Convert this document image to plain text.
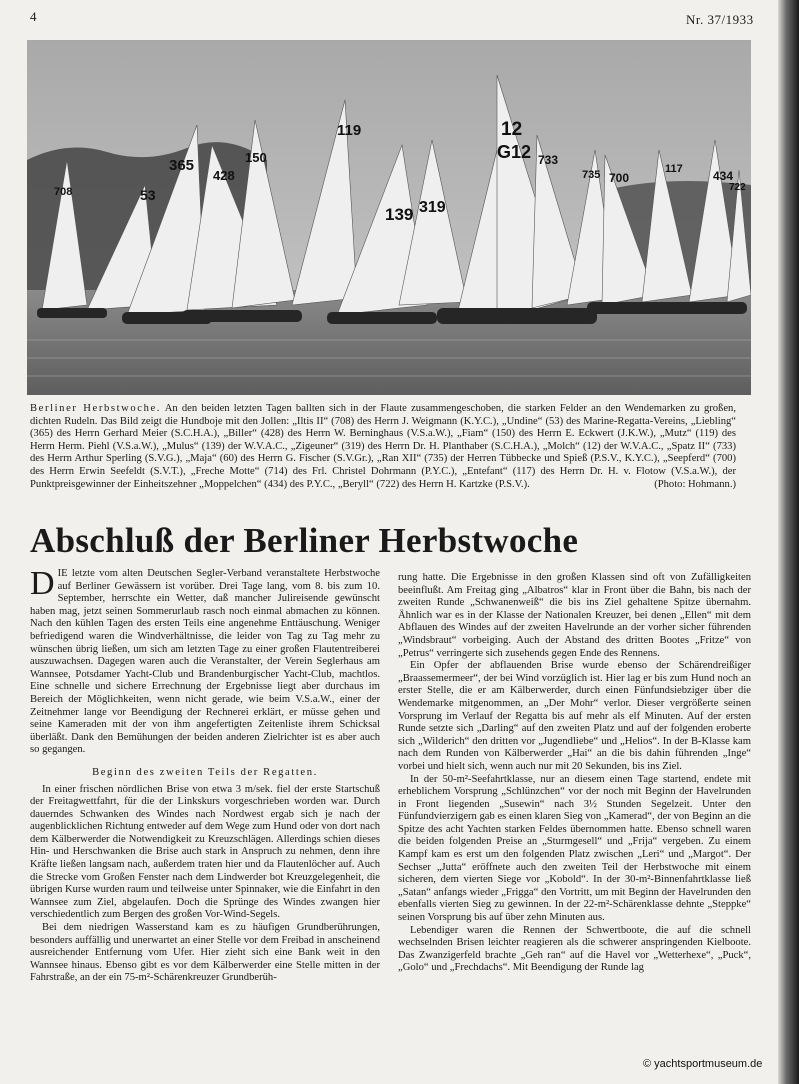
4	Nr. 37/1933
708	53
365
428
150
119
139 319
12
G12 733
735 700
117	434
722
Berliner Herbstwoche. An den beiden letzten Tagen ballten sich in der Flaute zusammengeschoben, die starken Felder an den Wendemarken zu großen, dichten Rudeln. Das Bild zeigt die Hundboje mit den Jollen: „Iltis II“ (708) des Herrn J. Weigmann (K.Y.C.), „Undine“ (53) des Marine-Regatta-Vereins, „Liebling“ (365) des Herrn Gerhard Meier (S.C.H.A.), „Biller“ (428) des Herrn W. Berninghaus (V.S.a.W.), „Fiam“ (150) des Herrn E. Eckwert (J.K.W.), „Mutz“ (119) des Herrn Herm. Piehl (V.S.a.W.), „Mulus“ (139) der W.V.A.C., „Zigeuner“ (319) des Herrn Dr. H. Planthaber (S.C.H.A.), „Molch“ (12) der W.V.A.C., „Spatz II“ (733) des Herrn Arthur Sperling (S.V.G.), „Maja“ (60) des Herrn G. Fischer (S.V.Gr.), „Ran XII“ (735) der Herren Tübbecke und Spieß (P.S.V., K.Y.C.), „Seepferd“ (700) des Herrn Erwin Seefeldt (S.V.T.), „Freche Motte“ (714) des Frl. Christel Dohrmann (P.Y.C.), „Entefant“ (117) des Herrn Dr. H. v. Flotow (V.S.a.W.), der Punktpreisgewinner der Einheitszehner „Moppelchen“ (434) des P.Y.C., „Beryll“ (722) des Herrn H. Kartzke (P.S.V.).	(Photo: Hohmann.)
Abschluß der Berliner Herbstwoche

DIE letzte vom alten Deutschen Segler-Verband veranstaltete Herbstwoche auf Berliner Gewässern ist vorüber. Drei Tage lang, vom 8. bis zum 10. September, herrschte ein Wetter, daß mancher Julireisende gewünscht haben mag, jetzt seinen Sommerurlaub rasch noch einmal abmachen zu können. Nach den kühlen Tagen des ersten Teils eine angenehme Enttäuschung. Weniger befriedigend waren die Windverhältnisse, die leider von Tag zu Tag mehr zu wünschen übrig ließen, um sich am letzten Tage zu einer großen Flautentreiberei auszuwachsen. Dagegen waren auch die Veranstalter, der Verein Seglerhaus am Wannsee, Potsdamer Yacht-Club und Brandenburgischer Yacht-Club, machtlos. Eine schnelle und sichere Errechnung der Ergebnisse liegt aber durchaus im Bereich der Möglichkeiten, wenn nicht gerade, wie beim V.S.a.W., einer der Zeitnehmer lange vor Beendigung der Rechnerei erklärt, er müsse gehen und seine Kameraden mit der von ihm angefertigten Zeitenliste ihrem Schicksal überläßt. Dank den Bemühungen der beiden anderen Zielrichter ist es aber auch so gegangen.

Beginn des zweiten Teils der Regatten.

In einer frischen nördlichen Brise von etwa 3 m/sek. fiel der erste Startschuß der Freitagwettfahrt, für die der Linkskurs vorgeschrieben worden war. Durch dauerndes Schwanken des Windes nach Nordwest ergab sich je nach der augenblicklichen Richtung entweder auf dem Wege zum Hund oder von dort nach dem Kälberwerder die Notwendigkeit zu Kreuzschlägen. Allerdings schien dieses Hin- und Herschwanken die Brise auch stark in Anspruch zu nehmen, denn ihre Kräfte ließen langsam nach, außerdem traten hier und da Flautenlöcher auf. Auch die Strecke vom Großen Fenster nach dem Lindwerder bot Kreuzgelegenheit, die übrigen Kurse wurden raum und teilweise unter Spinnaker, wie die Einfahrt in den Wannsee zum Ziel, abgelaufen. Doch die Sprünge des Windes zwangen hier verschiedentlich zum Bergen des großen Vor-Wind-Segels.

Bei dem niedrigen Wasserstand kam es zu häufigen Grundberührungen, besonders auffällig und unerwartet an einer Stelle vor dem Freibad in anscheinend ausreichender Entfernung vom Ufer. Hier zieht sich eine Bank weit in den Wannsee hinaus. Ebenso gibt es vor dem Kälberwerder eine Stelle mitten in der Fahrstraße, an der ein 75-m²-Schärenkreuzer Grundberüh-

rung hatte. Die Ergebnisse in den großen Klassen sind oft von Zufälligkeiten beeinflußt. Am Freitag ging „Albatros“ klar in Front über die Bahn, bis nach der zweiten Runde „Schwanenweiß“ die bis ins Ziel gehaltene Spitze übernahm. Ähnlich war es in der Klasse der Nationalen Kreuzer, bei denen „Ellen“ mit dem Abflauen des Windes auf der zweiten Havelrunde an der vorher sicher führenden „Windsbraut“ vorbeiging. Auch der Abstand des dritten Bootes „Fritze“ von „Petrus“ verringerte sich zusehends gegen Ende des Rennens.

Ein Opfer der abflauenden Brise wurde ebenso der Schärendreißiger „Braassemermeer“, der bei Wind vorzüglich ist. Hier lag er bis zum Hund noch an erster Stelle, die er am Kälberwerder, durch einen Fünfundsiebziger über die Wendemarke mitgenommen, an „Der Mohr“ verlor. Dieser vergrößerte seinen Vorsprung im Verlauf der Regatta bis auf mehr als elf Minuten. Auf der ersten Runde setzte sich „Darling“ auf den zweiten Platz und auf der folgenden eroberte sich „Wilderich“ den dritten vor „Jugendliebe“ und „Helios“. In der B-Klasse kam nach dem Runden von Kälberwerder „Hai“ an die bis dahin führenden „Inge“ vorbei und hielt sich, wenn auch nur mit 20 Sekunden, bis ins Ziel.

In der 50-m²-Seefahrtklasse, nur an diesem einen Tage startend, endete mit erheblichem Vorsprung „Schlünzchen“ vor der noch mit Beginn der Havelrunden in Front liegenden „Susewin“ nach 3½ Stunden Segelzeit. Unter den Fünfundvierzigern gab es einen klaren Sieg von „Kamerad“, der von Beginn an die Spitze des acht Yachten starken Feldes übernommen hatte. Ebenso schnell waren die beiden folgenden Preise an „Sturmgesell“ und „Frija“ vergeben. Zu einem Kampf kam es erst um den folgenden Platz zwischen „Leri“ und „Margot“. Der Sechser „Jutta“ eröffnete auch den zweiten Teil der Herbstwoche mit einem sicheren, dem vierten Siege vor „Kobold“. In der 30-m²-Binnenfahrtklasse ließ „Satan“ anfangs wieder „Frigga“ den Vortritt, um mit Beginn der Havelrunden den ebenfalls vierten Sieg zu gewinnen. In der 22-m²-Schärenklasse dehnte „Steppke“ seinen Vorsprung bis auf über zehn Minuten aus.

Lebendiger waren die Rennen der Schwertboote, die auf die schnell wechselnden Brisen leichter reagieren als die schwerer anspringenden Kielboote. Das Zwanzigerfeld brachte „Geh ran“ auf die Havel vor „Wetterhexe“, „Puck“, „Golo“ und „Frechdachs“. Mit Beendigung der Runde lag

© yachtsportmuseum.de
